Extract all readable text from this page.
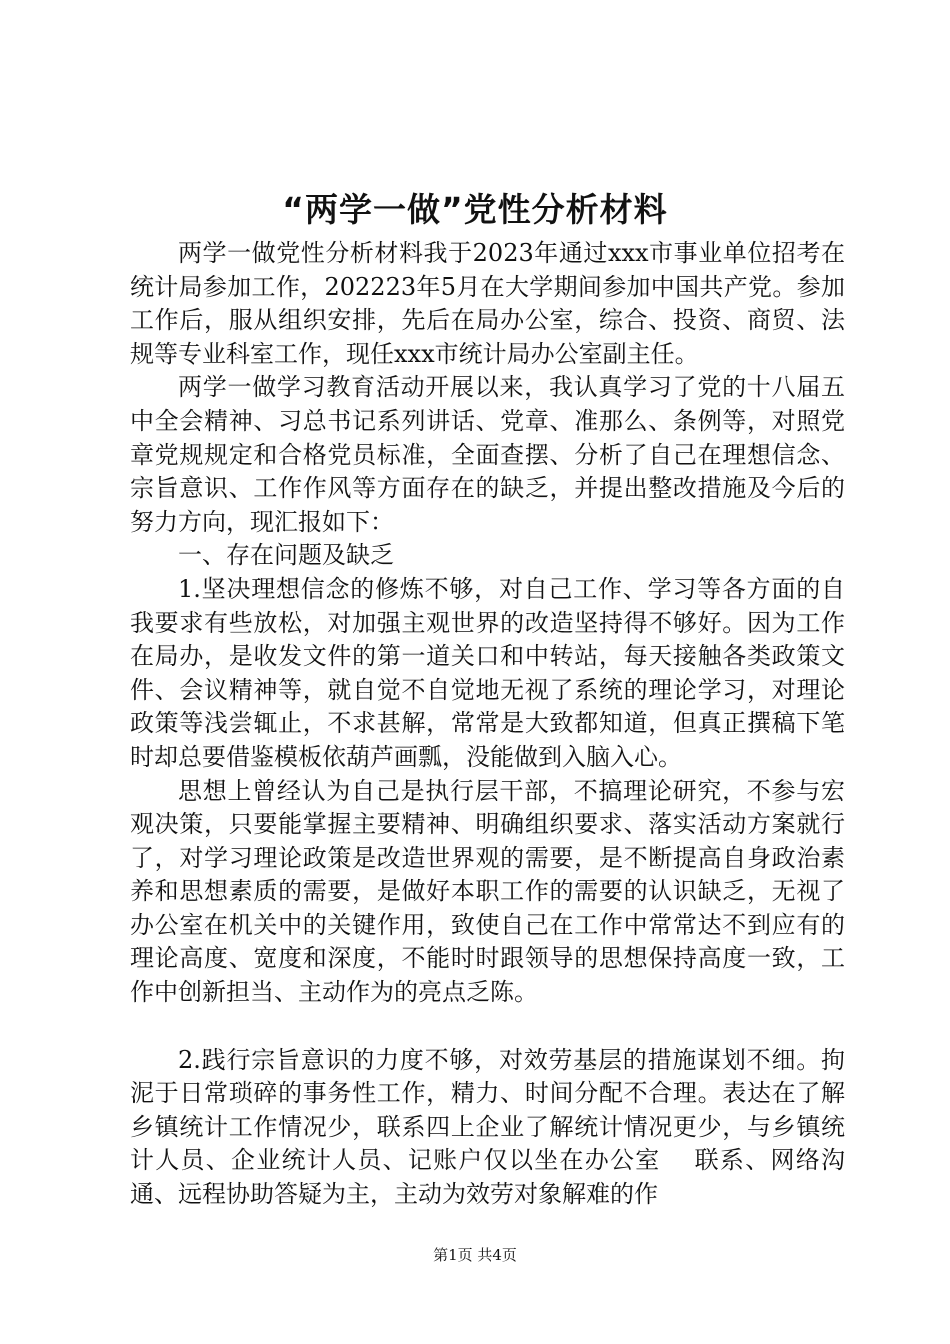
“两学一做”党性分析材料

两学一做党性分析材料我于2023年通过xxx市事业单位招考在统计局参加工作，202223年5月在大学期间参加中国共产党。参加工作后，服从组织安排，先后在局办公室，综合、投资、商贸、法规等专业科室工作，现任xxx市统计局办公室副主任。

两学一做学习教育活动开展以来，我认真学习了党的十八届五中全会精神、习总书记系列讲话、党章、准那么、条例等，对照党章党规规定和合格党员标准，全面查摆、分析了自己在理想信念、宗旨意识、工作作风等方面存在的缺乏，并提出整改措施及今后的努力方向，现汇报如下：

一、存在问题及缺乏

1.坚决理想信念的修炼不够，对自己工作、学习等各方面的自我要求有些放松，对加强主观世界的改造坚持得不够好。因为工作在局办，是收发文件的第一道关口和中转站，每天接触各类政策文件、会议精神等，就自觉不自觉地无视了系统的理论学习，对理论政策等浅尝辄止，不求甚解，常常是大致都知道，但真正撰稿下笔时却总要借鉴模板依葫芦画瓢，没能做到入脑入心。

思想上曾经认为自己是执行层干部，不搞理论研究，不参与宏观决策，只要能掌握主要精神、明确组织要求、落实活动方案就行了，对学习理论政策是改造世界观的需要，是不断提高自身政治素养和思想素质的需要，是做好本职工作的需要的认识缺乏，无视了办公室在机关中的关键作用，致使自己在工作中常常达不到应有的理论高度、宽度和深度，不能时时跟领导的思想保持高度一致，工作中创新担当、主动作为的亮点乏陈。

2.践行宗旨意识的力度不够，对效劳基层的措施谋划不细。拘泥于日常琐碎的事务性工作，精力、时间分配不合理。表达在了解乡镇统计工作情况少，联系四上企业了解统计情况更少，与乡镇统计人员、企业统计人员、记账户仅以坐在办公室　 联系、网络沟通、远程协助答疑为主，主动为效劳对象解难的作

第1页 共4页
